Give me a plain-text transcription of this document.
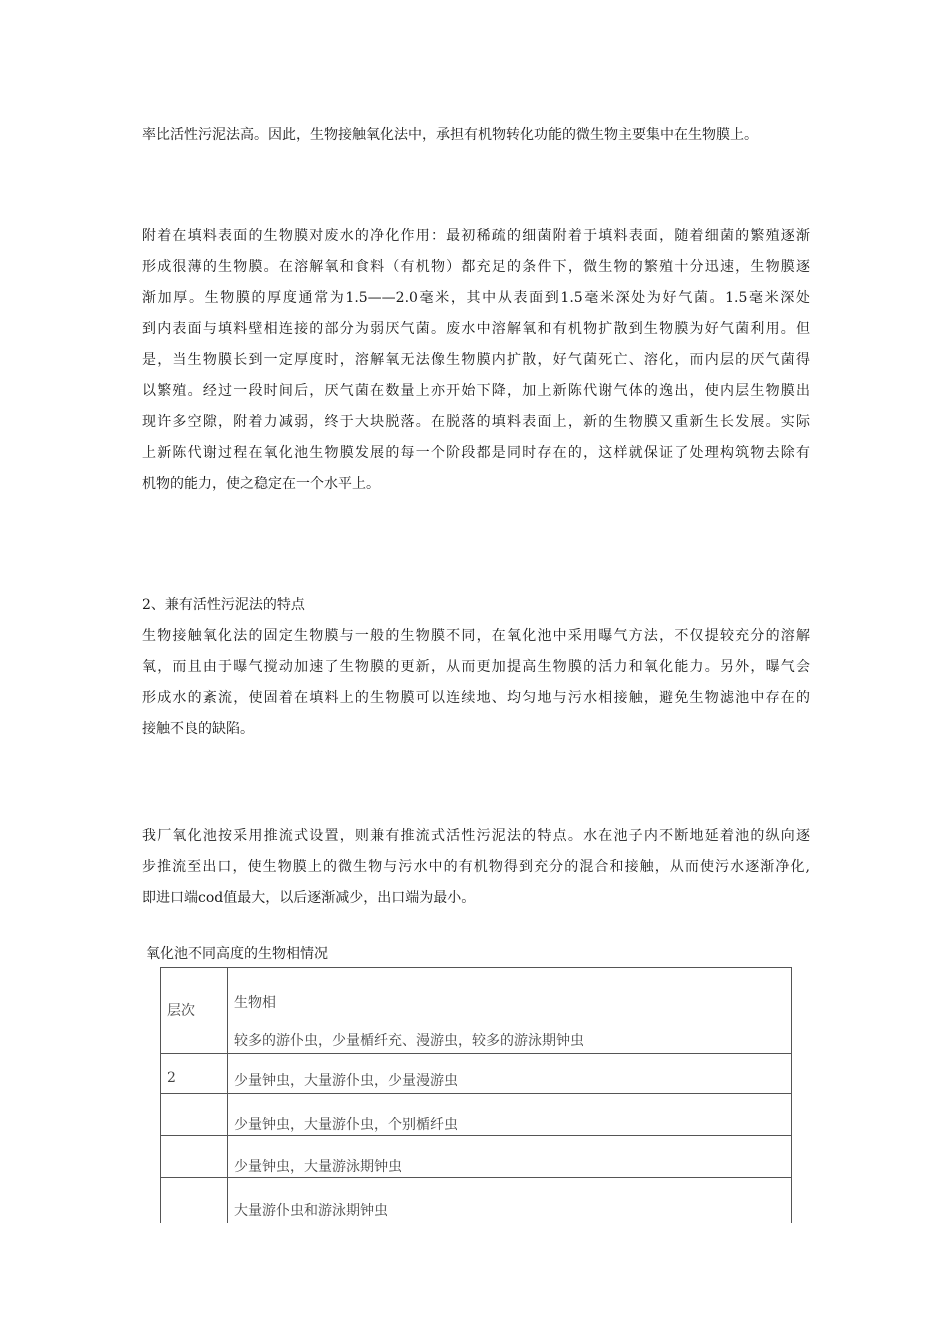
率比活性污泥法高。因此，生物接触氧化法中，承担有机物转化功能的微生物主要集中在生物膜上。
附着在填料表面的生物膜对废水的净化作用：最初稀疏的细菌附着于填料表面，随着细菌的繁殖逐渐
形成很薄的生物膜。在溶解氧和食料（有机物）都充足的条件下，微生物的繁殖十分迅速，生物膜逐
渐加厚。生物膜的厚度通常为1.5——2.0毫米，其中从表面到1.5毫米深处为好气菌。1.5毫米深处
到内表面与填料壁相连接的部分为弱厌气菌。废水中溶解氧和有机物扩散到生物膜为好气菌利用。但
是，当生物膜长到一定厚度时，溶解氧无法像生物膜内扩散，好气菌死亡、溶化，而内层的厌气菌得
以繁殖。经过一段时间后，厌气菌在数量上亦开始下降，加上新陈代谢气体的逸出，使内层生物膜出
现许多空隙，附着力减弱，终于大块脱落。在脱落的填料表面上，新的生物膜又重新生长发展。实际
上新陈代谢过程在氧化池生物膜发展的每一个阶段都是同时存在的，这样就保证了处理构筑物去除有
机物的能力，使之稳定在一个水平上。
2、兼有活性污泥法的特点
生物接触氧化法的固定生物膜与一般的生物膜不同，在氧化池中采用曝气方法，不仅提较充分的溶解
氧，而且由于曝气搅动加速了生物膜的更新，从而更加提高生物膜的活力和氧化能力。另外，曝气会
形成水的紊流，使固着在填料上的生物膜可以连续地、均匀地与污水相接触，避免生物滤池中存在的
接触不良的缺陷。
我厂氧化池按采用推流式设置，则兼有推流式活性污泥法的特点。水在池子内不断地延着池的纵向逐
步推流至出口，使生物膜上的微生物与污水中的有机物得到充分的混合和接触，从而使污水逐渐净化,
即进口端cod值最大，以后逐渐减少，出口端为最小。

氧化池不同高度的生物相情况

层次	生物相
较多的游仆虫，少量楯纤充、漫游虫，较多的游泳期钟虫

2	少量钟虫，大量游仆虫，少量漫游虫

	少量钟虫，大量游仆虫，个别楯纤虫

	少量钟虫，大量游泳期钟虫

	大量游仆虫和游泳期钟虫
